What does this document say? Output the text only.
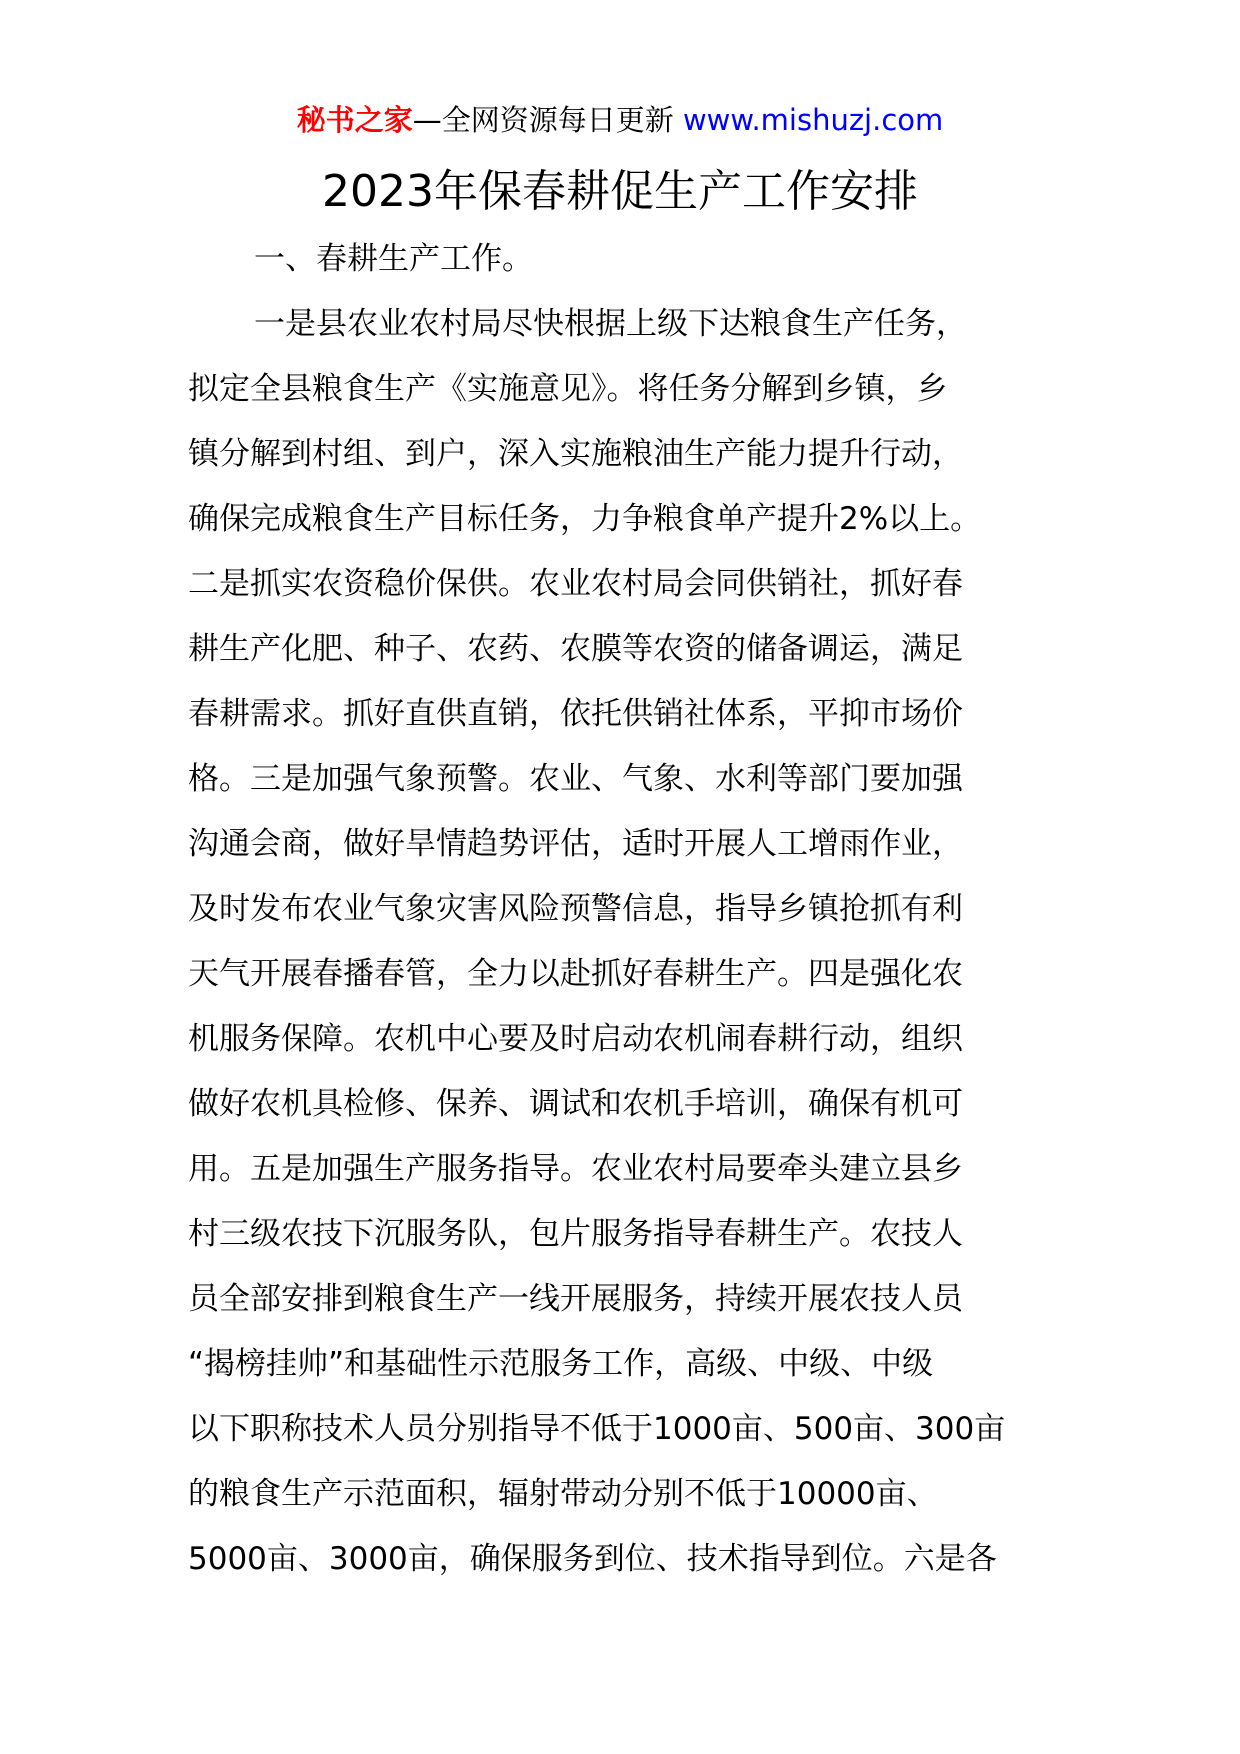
秘书之家—全网资源每日更新 www.mishuzj.com
2023年保春耕促生产工作安排
一、春耕生产工作。
一是县农业农村局尽快根据上级下达粮食生产任务，
拟定全县粮食生产《实施意见》。将任务分解到乡镇，乡
镇分解到村组、到户，深入实施粮油生产能力提升行动，
确保完成粮食生产目标任务，力争粮食单产提升2%以上。
二是抓实农资稳价保供。农业农村局会同供销社，抓好春
耕生产化肥、种子、农药、农膜等农资的储备调运，满足
春耕需求。抓好直供直销，依托供销社体系，平抑市场价
格。三是加强气象预警。农业、气象、水利等部门要加强
沟通会商，做好旱情趋势评估，适时开展人工增雨作业，
及时发布农业气象灾害风险预警信息，指导乡镇抢抓有利
天气开展春播春管，全力以赴抓好春耕生产。四是强化农
机服务保障。农机中心要及时启动农机闹春耕行动，组织
做好农机具检修、保养、调试和农机手培训，确保有机可
用。五是加强生产服务指导。农业农村局要牵头建立县乡
村三级农技下沉服务队，包片服务指导春耕生产。农技人
员全部安排到粮食生产一线开展服务，持续开展农技人员
“揭榜挂帅”和基础性示范服务工作，高级、中级、中级
以下职称技术人员分别指导不低于1000亩、500亩、300亩
的粮食生产示范面积，辐射带动分别不低于10000亩、
5000亩、3000亩，确保服务到位、技术指导到位。六是各
